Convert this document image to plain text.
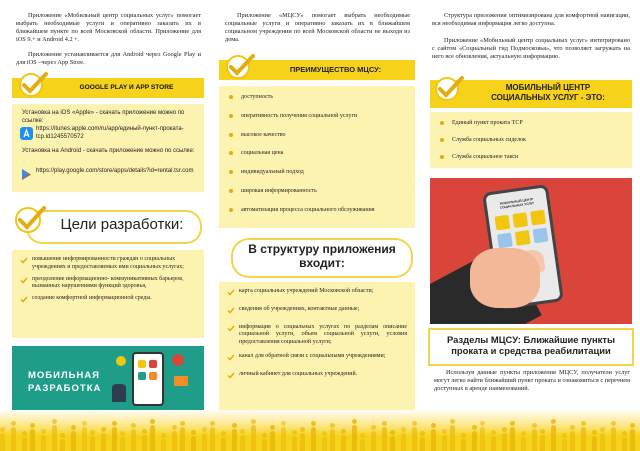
Приложение «Мобильный центр социальных услуг» помогает выбрать необходимые услуги и оперативно заказать их в ближайшем пункте по всей Московской области. Приложение для iOS 9.+ и Android 4.2 +.
Приложение устанавливается для Android через Google Play и для iOS –через App Store.
GOOGLE PLAY И APP STORE
Установка на iOS «Apple» - скачать приложение можно по ссылке:
https://itunes.apple.com/ru/app/единый-пункт-проката-tcp.id1245570572
Установка на Android - скачать приложение можно по ссылке:
https://play.google.com/store/apps/details?id=rental.tsr.com
Цели разработки:
повышение информированности граждан о социальных учреждениях и предоставляемых ими социальных услугах;
преодоление информационно- коммуникативных барьеров, вызванных нарушениями функций здоровья,
создание комфортной информационной среды.
МОБИЛЬНАЯ
РАЗРАБОТКА
Приложение «МЦСУ» помогает выбрать необходимые социальные услуги и оперативно заказать их в ближайшем социальном учреждении по всей Московской области не выходя из дома.
ПРЕИМУЩЕСТВО МЦСУ:
доступность
оперативность получения социальной услуги
высокое качество
социальная цена
индивидуальный подход
широкая информированность
автоматизация процесса социального обслуживания
В структуру приложения входит:
карта социальных учреждений Московской области;
сведения об учреждениях, контактные данные;
информация о социальных услугах по разделам описание социальной услуги, объем социальной услуги, условия предоставления социальной услуги;
канал для обратной связи с социальными учреждениями;
личный кабинет для социальных учреждений.
Структура приложения оптимизирована для комфортной навигации, вся необходимая информация легко доступна.
Приложение «Мобильный центр социальных услуг» интегрировано с сайтом «Социальный гид Подмосковья», что позволяет загружать на него все обновления, актуальную информацию.
МОБИЛЬНЫЙ ЦЕНТР
СОЦИАЛЬНЫХ УСЛУГ - ЭТО:
Единый пункт проката ТСР
Служба социальных сиделок
Служба социальное такси
МОБИЛЬНЫЙ ЦЕНТР СОЦИАЛЬНЫХ УСЛУГ
Разделы МЦСУ: Ближайшие пункты проката и средства реабилитации
Используя данные пункты приложения МЦСУ, получатели услуг могут легко найти ближайший пункт проката и ознакомиться с перечнем доступных в аренде наименований.
